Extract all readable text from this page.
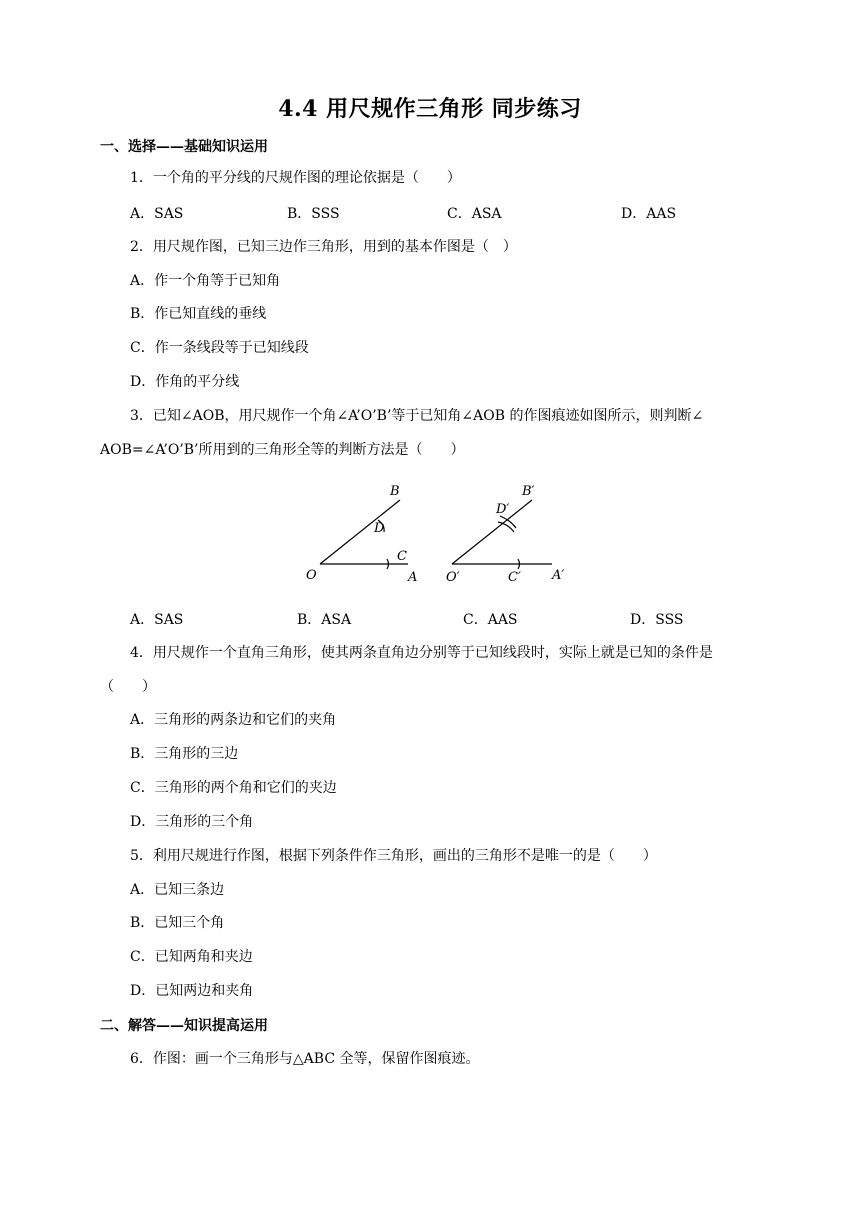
4.4 用尺规作三角形 同步练习
一、选择——基础知识运用
1．一个角的平分线的尺规作图的理论依据是（　　）
A．SAS	B．SSS	C．ASA	D．AAS
2．用尺规作图，已知三边作三角形，用到的基本作图是（　）
A．作一个角等于已知角
B．作已知直线的垂线
C．作一条线段等于已知线段
D．作角的平分线
3．已知∠AOB，用尺规作一个角∠A’O’B’等于已知角∠AOB 的作图痕迹如图所示，则判断∠
AOB=∠A’O’B’所用到的三角形全等的判断方法是（　　）
B
D
C
O	A
B′
D′
O′	C′ A′
A．SAS	B．ASA	C．AAS	D．SSS
4．用尺规作一个直角三角形，使其两条直角边分别等于已知线段时，实际上就是已知的条件是
（　　）
A．三角形的两条边和它们的夹角
B．三角形的三边
C．三角形的两个角和它们的夹边
D．三角形的三个角
5．利用尺规进行作图，根据下列条件作三角形，画出的三角形不是唯一的是（　　）
A．已知三条边
B．已知三个角
C．已知两角和夹边
D．已知两边和夹角
二、解答——知识提高运用
6．作图：画一个三角形与△ABC 全等，保留作图痕迹。
